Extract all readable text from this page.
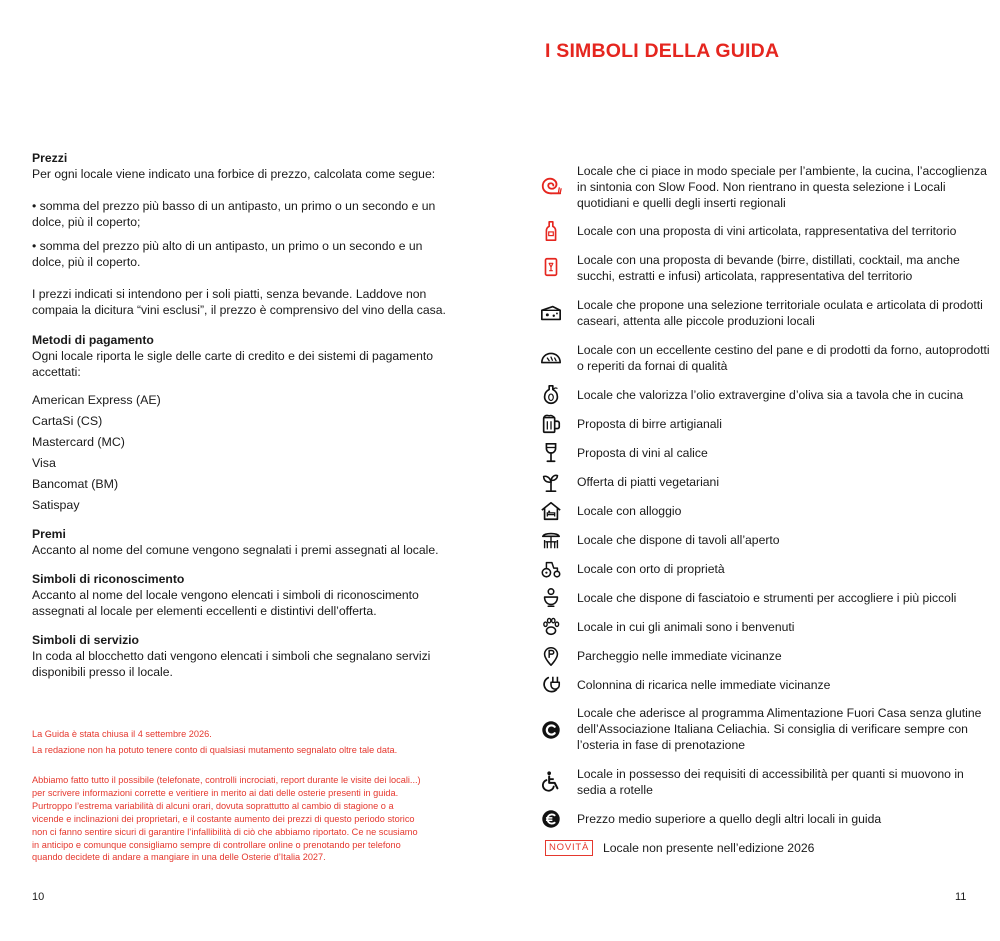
Prezzi
Per ogni locale viene indicato una forbice di prezzo, calcolata come segue:
• somma del prezzo più basso di un antipasto, un primo o un secondo e un dolce, più il coperto;
• somma del prezzo più alto di un antipasto, un primo o un secondo e un dolce, più il coperto.
I prezzi indicati si intendono per i soli piatti, senza bevande. Laddove non compaia la dicitura “vini esclusi”, il prezzo è comprensivo del vino della casa.
Metodi di pagamento
Ogni locale riporta le sigle delle carte di credito e dei sistemi di pagamento accettati:
American Express (AE)
CartaSi (CS)
Mastercard (MC)
Visa
Bancomat (BM)
Satispay
Premi
Accanto al nome del comune vengono segnalati i premi assegnati al locale.
Simboli di riconoscimento
Accanto al nome del locale vengono elencati i simboli di riconoscimento assegnati al locale per elementi eccellenti e distintivi dell’offerta.
Simboli di servizio
In coda al blocchetto dati vengono elencati i simboli che segnalano servizi disponibili presso il locale.
La Guida è stata chiusa il 4 settembre 2026.
La redazione non ha potuto tenere conto di qualsiasi mutamento segnalato oltre tale data.
Abbiamo fatto tutto il possibile (telefonate, controlli incrociati, report durante le visite dei locali...) per scrivere informazioni corrette e veritiere in merito ai dati delle osterie presenti in guida. Purtroppo l’estrema variabilità di alcuni orari, dovuta soprattutto al cambio di stagione o a vicende e inclinazioni dei proprietari, e il costante aumento dei prezzi di questo periodo storico non ci fanno sentire sicuri di garantire l’infallibilità di ciò che abbiamo riportato. Ce ne scusiamo in anticipo e comunque consigliamo sempre di controllare online o prenotando per telefono quando decidete di andare a mangiare in una delle Osterie d’Italia 2027.
10
I SIMBOLI DELLA GUIDA
Locale che ci piace in modo speciale per l’ambiente, la cucina, l’accoglienza in sintonia con Slow Food. Non rientrano in questa selezione i Locali quotidiani e quelli degli inserti regionali
Locale con una proposta di vini articolata, rappresentativa del territorio
Locale con una proposta di bevande (birre, distillati, cocktail, ma anche succhi, estratti e infusi) articolata, rappresentativa del territorio
Locale che propone una selezione territoriale oculata e articolata di prodotti caseari, attenta alle piccole produzioni locali
Locale con un eccellente cestino del pane e di prodotti da forno, autoprodotti o reperiti da fornai di qualità
Locale che valorizza l’olio extravergine d’oliva sia a tavola che in cucina
Proposta di birre artigianali
Proposta di vini al calice
Offerta di piatti vegetariani
Locale con alloggio
Locale che dispone di tavoli all’aperto
Locale con orto di proprietà
Locale che dispone di fasciatoio e strumenti per accogliere i più piccoli
Locale in cui gli animali sono i benvenuti
Parcheggio nelle immediate vicinanze
Colonnina di ricarica nelle immediate vicinanze
Locale che aderisce al programma Alimentazione Fuori Casa senza glutine dell’Associazione Italiana Celiachia. Si consiglia di verificare sempre con l’osteria in fase di prenotazione
Locale in possesso dei requisiti di accessibilità per quanti si muovono in sedia a rotelle
Prezzo medio superiore a quello degli altri locali in guida
NOVITÀ	Locale non presente nell’edizione 2026
11
